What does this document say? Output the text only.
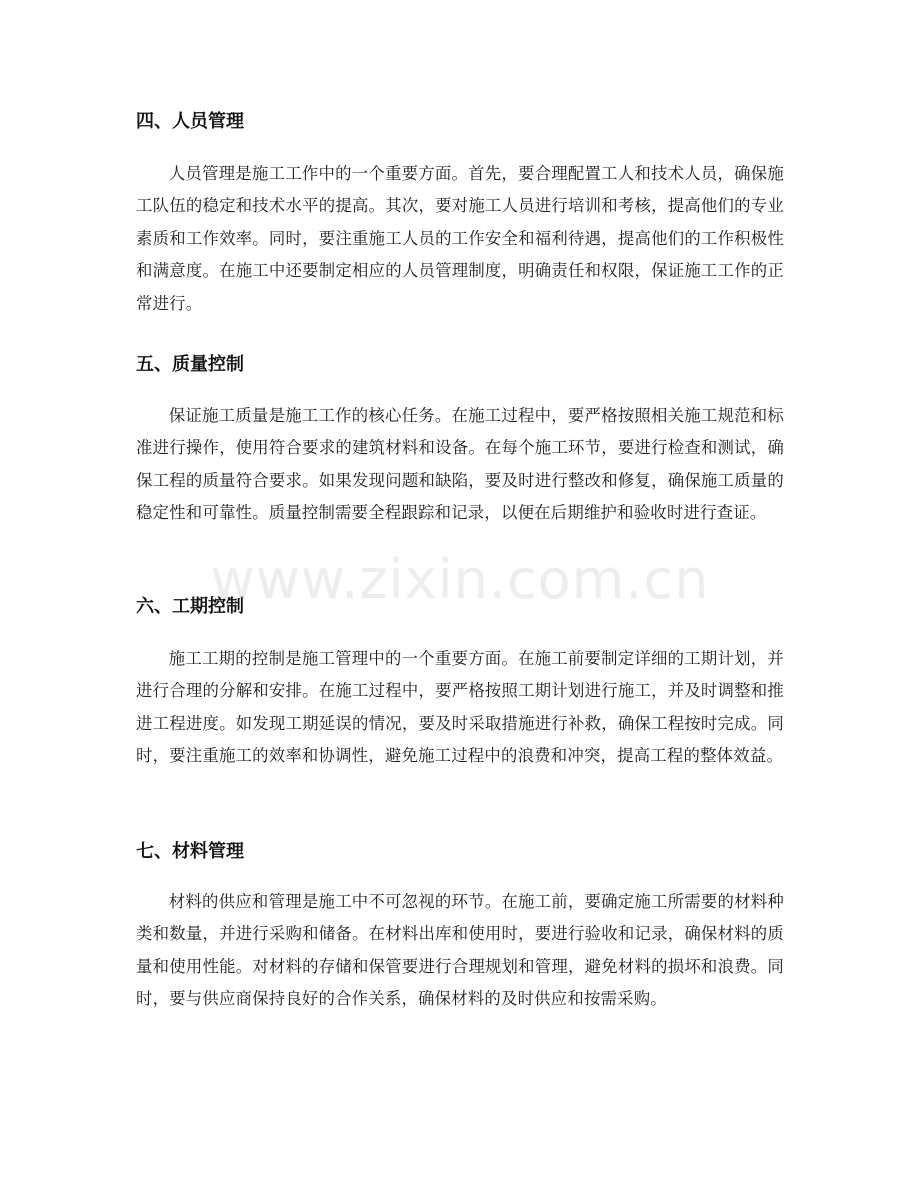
四、人员管理

人员管理是施工工作中的一个重要方面。首先，要合理配置工人和技术人员，确保施工队伍的稳定和技术水平的提高。其次，要对施工人员进行培训和考核，提高他们的专业素质和工作效率。同时，要注重施工人员的工作安全和福利待遇，提高他们的工作积极性和满意度。在施工中还要制定相应的人员管理制度，明确责任和权限，保证施工工作的正常进行。

五、质量控制

保证施工质量是施工工作的核心任务。在施工过程中，要严格按照相关施工规范和标准进行操作，使用符合要求的建筑材料和设备。在每个施工环节，要进行检查和测试，确保工程的质量符合要求。如果发现问题和缺陷，要及时进行整改和修复，确保施工质量的稳定性和可靠性。质量控制需要全程跟踪和记录，以便在后期维护和验收时进行查证。

六、工期控制

施工工期的控制是施工管理中的一个重要方面。在施工前要制定详细的工期计划，并进行合理的分解和安排。在施工过程中，要严格按照工期计划进行施工，并及时调整和推进工程进度。如发现工期延误的情况，要及时采取措施进行补救，确保工程按时完成。同时，要注重施工的效率和协调性，避免施工过程中的浪费和冲突，提高工程的整体效益。

七、材料管理

材料的供应和管理是施工中不可忽视的环节。在施工前，要确定施工所需要的材料种类和数量，并进行采购和储备。在材料出库和使用时，要进行验收和记录，确保材料的质量和使用性能。对材料的存储和保管要进行合理规划和管理，避免材料的损坏和浪费。同时，要与供应商保持良好的合作关系，确保材料的及时供应和按需采购。

www.zixin.com.cn
